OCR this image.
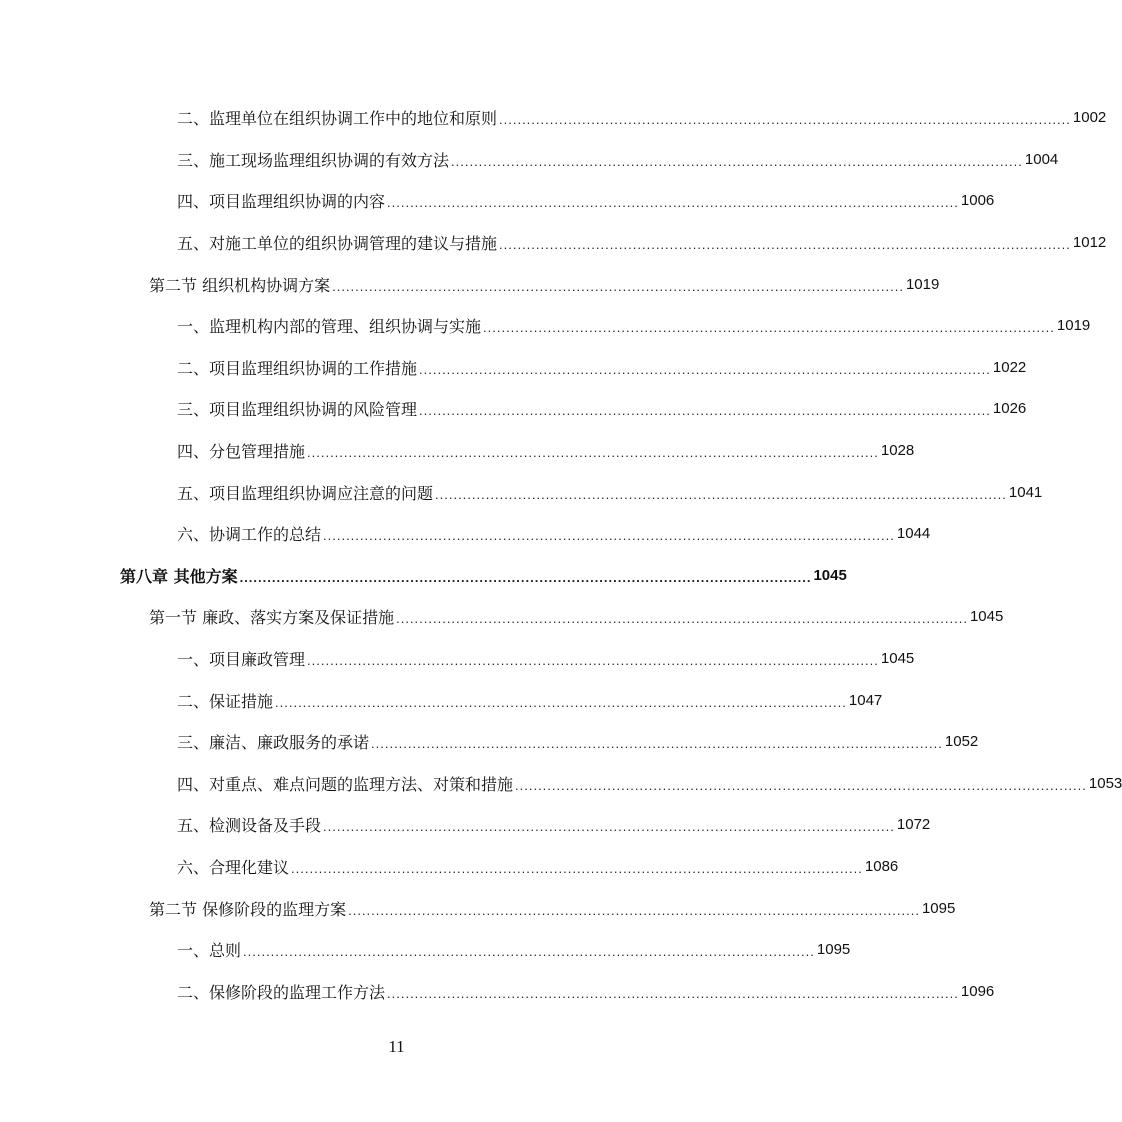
二、监理单位在组织协调工作中的地位和原则 ............................................................................................................................ 1002
三、施工现场监理组织协调的有效方法 ............................................................................................................................ 1004
四、项目监理组织协调的内容 ............................................................................................................................ 1006
五、对施工单位的组织协调管理的建议与措施 ............................................................................................................................ 1012
第二节 组织机构协调方案 ............................................................................................................................ 1019
一、监理机构内部的管理、组织协调与实施 ............................................................................................................................ 1019
二、项目监理组织协调的工作措施 ............................................................................................................................ 1022
三、项目监理组织协调的风险管理 ............................................................................................................................ 1026
四、分包管理措施 ............................................................................................................................ 1028
五、项目监理组织协调应注意的问题 ............................................................................................................................ 1041
六、协调工作的总结 ............................................................................................................................ 1044
第八章 其他方案 ............................................................................................................................ 1045
第一节 廉政、落实方案及保证措施 ............................................................................................................................ 1045
一、项目廉政管理 ............................................................................................................................ 1045
二、保证措施 ............................................................................................................................ 1047
三、廉洁、廉政服务的承诺 ............................................................................................................................ 1052
四、对重点、难点问题的监理方法、对策和措施 ............................................................................................................................ 1053
五、检测设备及手段 ............................................................................................................................ 1072
六、合理化建议 ............................................................................................................................ 1086
第二节 保修阶段的监理方案 ............................................................................................................................ 1095
一、总则 ............................................................................................................................ 1095
二、保修阶段的监理工作方法 ............................................................................................................................ 1096
11
